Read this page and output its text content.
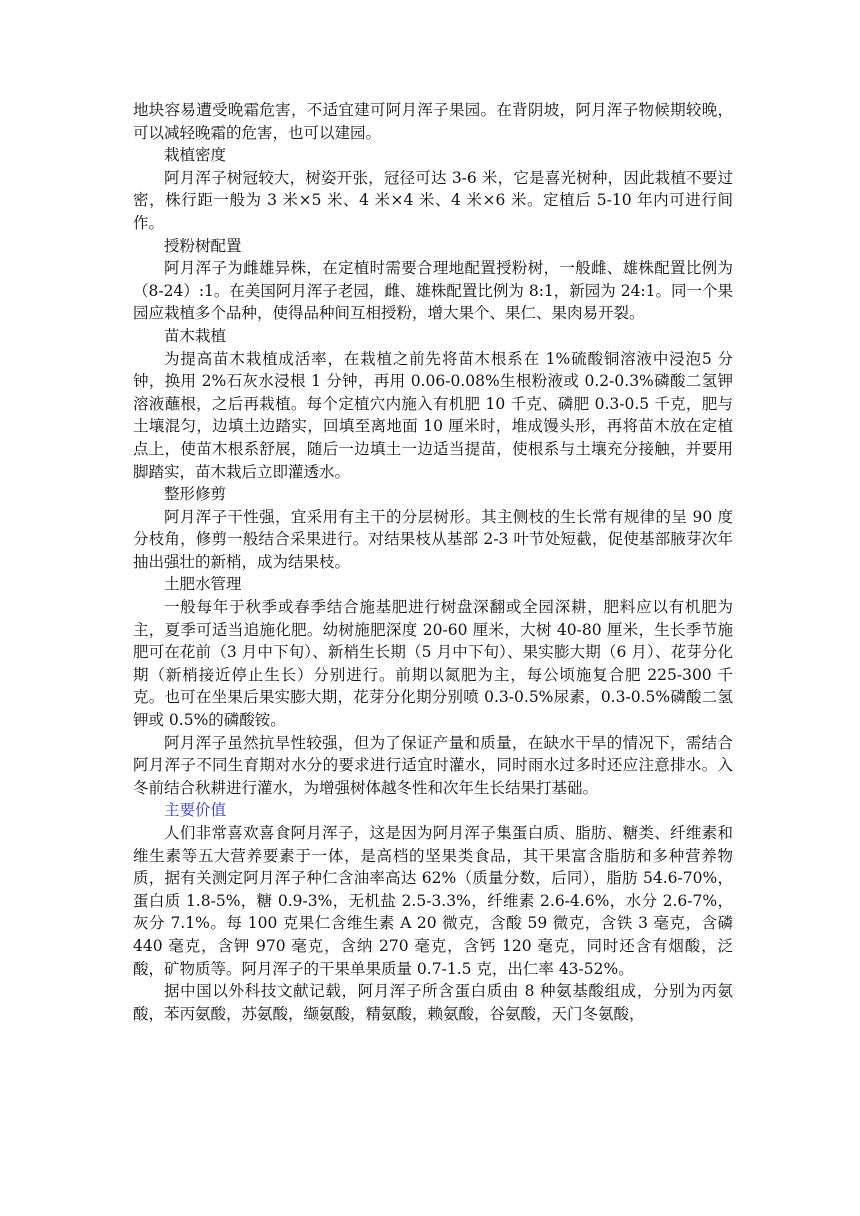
地块容易遭受晚霜危害，不适宜建可阿月浑子果园。在背阴坡，阿月浑子物候期较晚，可以减轻晚霜的危害，也可以建园。

栽植密度

阿月浑子树冠较大，树姿开张，冠径可达 3-6 米，它是喜光树种，因此栽植不要过密，株行距一般为 3 米×5 米、4 米×4 米、4 米×6 米。定植后 5-10 年内可进行间作。

授粉树配置

阿月浑子为雌雄异株，在定植时需要合理地配置授粉树，一般雌、雄株配置比例为（8-24）:1。在美国阿月浑子老园，雌、雄株配置比例为 8:1，新园为 24:1。同一个果园应栽植多个品种，使得品种间互相授粉，增大果个、果仁、果肉易开裂。

苗木栽植

为提高苗木栽植成活率，在栽植之前先将苗木根系在 1%硫酸铜溶液中浸泡5 分钟，换用 2%石灰水浸根 1 分钟，再用 0.06-0.08%生根粉液或 0.2-0.3%磷酸二氢钾溶液蘸根，之后再栽植。每个定植穴内施入有机肥 10 千克、磷肥 0.3-0.5 千克，肥与土壤混匀，边填土边踏实，回填至离地面 10 厘米时，堆成馒头形，再将苗木放在定植点上，使苗木根系舒展，随后一边填土一边适当提苗，使根系与土壤充分接触，并要用脚踏实，苗木栽后立即灌透水。

整形修剪

阿月浑子干性强，宜采用有主干的分层树形。其主侧枝的生长常有规律的呈 90 度分枝角，修剪一般结合采果进行。对结果枝从基部 2-3 叶节处短截，促使基部腋芽次年抽出强壮的新梢，成为结果枝。

土肥水管理

一般每年于秋季或春季结合施基肥进行树盘深翻或全园深耕，肥料应以有机肥为主，夏季可适当追施化肥。幼树施肥深度 20-60 厘米，大树 40-80 厘米，生长季节施肥可在花前（3 月中下旬）、新梢生长期（5 月中下旬）、果实膨大期（6 月）、花芽分化期（新梢接近停止生长）分别进行。前期以氮肥为主，每公顷施复合肥 225-300 千克。也可在坐果后果实膨大期，花芽分化期分别喷 0.3-0.5%尿素，0.3-0.5%磷酸二氢钾或 0.5%的磷酸铵。

阿月浑子虽然抗旱性较强，但为了保证产量和质量，在缺水干旱的情况下，需结合阿月浑子不同生育期对水分的要求进行适宜时灌水，同时雨水过多时还应注意排水。入冬前结合秋耕进行灌水，为增强树体越冬性和次年生长结果打基础。

主要价值

人们非常喜欢喜食阿月浑子，这是因为阿月浑子集蛋白质、脂肪、糖类、纤维素和维生素等五大营养要素于一体，是高档的坚果类食品，其干果富含脂肪和多种营养物质，据有关测定阿月浑子种仁含油率高达 62%（质量分数，后同），脂肪 54.6-70%，蛋白质 1.8-5%，糖 0.9-3%，无机盐 2.5-3.3%，纤维素 2.6-4.6%，水分 2.6-7%，灰分 7.1%。每 100 克果仁含维生素 A 20 微克，含酸 59 微克，含铁 3 毫克，含磷 440 毫克，含钾 970 毫克，含纳 270 毫克，含钙 120 毫克，同时还含有烟酸，泛酸，矿物质等。阿月浑子的干果单果质量 0.7-1.5 克，出仁率 43-52%。

据中国以外科技文献记载，阿月浑子所含蛋白质由 8 种氨基酸组成，分别为丙氨酸，苯丙氨酸，苏氨酸，缬氨酸，精氨酸，赖氨酸，谷氨酸，天门冬氨酸，
